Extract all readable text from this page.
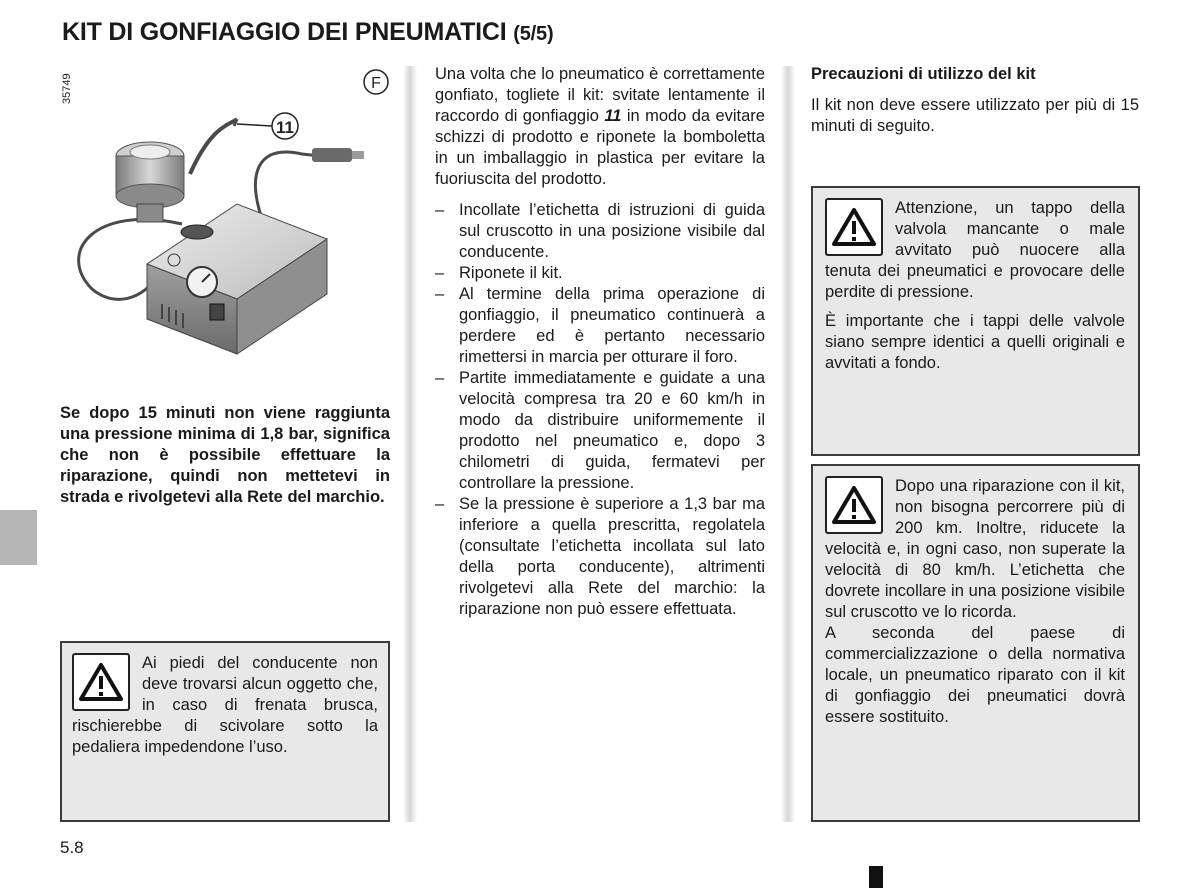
KIT DI GONFIAGGIO DEI PNEUMATICI (5/5)
35749	F
11

Se dopo 15 minuti non viene raggiunta una pressione minima di 1,8 bar, significa che non è possibile effettuare la riparazione, quindi non mettetevi in strada e rivolgetevi alla Rete del marchio.

Ai piedi del conducente non deve trovarsi alcun oggetto che, in caso di frenata brusca, rischierebbe di scivolare sotto la pedaliera impedendone l’uso.

Una volta che lo pneumatico è correttamente gonfiato, togliete il kit: svitate lentamente il raccordo di gonfiaggio 11 in modo da evitare schizzi di prodotto e riponete la bomboletta in un imballaggio in plastica per evitare la fuoriuscita del prodotto.

– Incollate l’etichetta di istruzioni di guida sul cruscotto in una posizione visibile dal conducente.
– Riponete il kit.
– Al termine della prima operazione di gonfiaggio, il pneumatico continuerà a perdere ed è pertanto necessario rimettersi in marcia per otturare il foro.
– Partite immediatamente e guidate a una velocità compresa tra 20 e 60 km/h in modo da distribuire uniformemente il prodotto nel pneumatico e, dopo 3 chilometri di guida, fermatevi per controllare la pressione.
– Se la pressione è superiore a 1,3 bar ma inferiore a quella prescritta, regolatela (consultate l’etichetta incollata sul lato della porta conducente), altrimenti rivolgetevi alla Rete del marchio: la riparazione non può essere effettuata.

Precauzioni di utilizzo del kit

Il kit non deve essere utilizzato per più di 15 minuti di seguito.

Attenzione, un tappo della valvola mancante o male avvitato può nuocere alla tenuta dei pneumatici e provocare delle perdite di pressione.

È importante che i tappi delle valvole siano sempre identici a quelli originali e avvitati a fondo.

Dopo una riparazione con il kit, non bisogna percorrere più di 200 km. Inoltre, riducete la velocità e, in ogni caso, non superate la velocità di 80 km/h. L’etichetta che dovrete incollare in una posizione visibile sul cruscotto ve lo ricorda.

A seconda del paese di commercializzazione o della normativa locale, un pneumatico riparato con il kit di gonfiaggio dei pneumatici dovrà essere sostituito.

5.8
